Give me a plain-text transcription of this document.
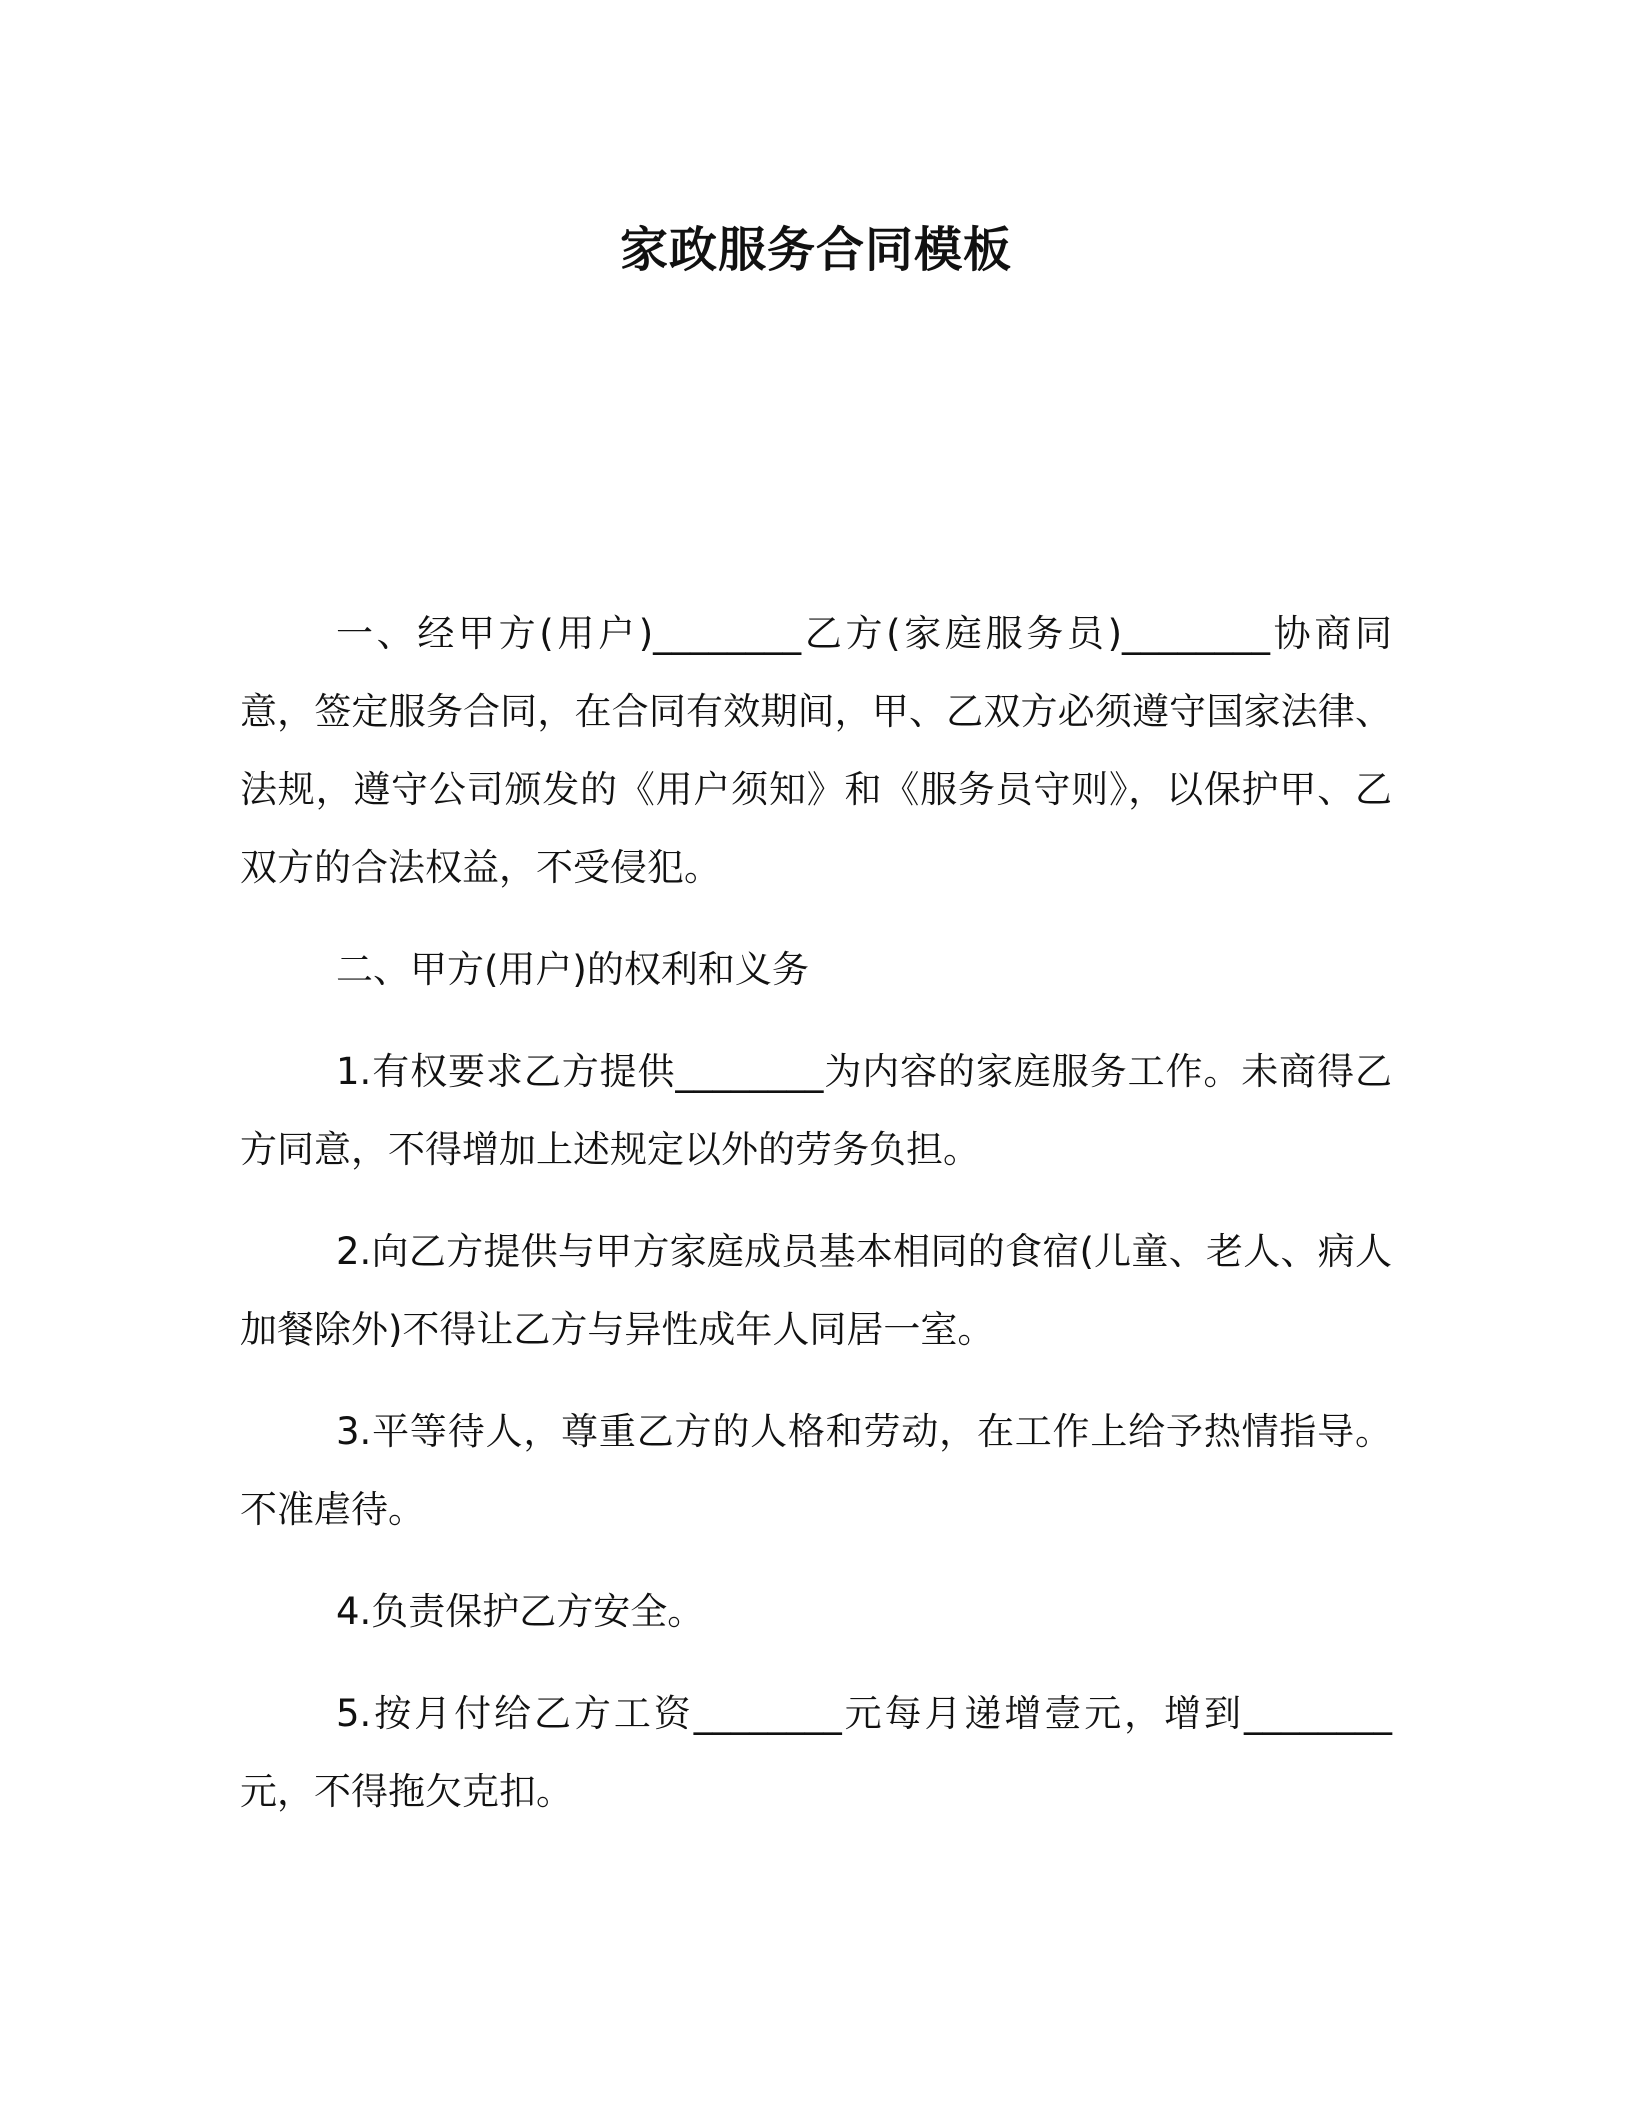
家政服务合同模板

一、经甲方(用户)________乙方(家庭服务员)________协商同意，签定服务合同，在合同有效期间，甲、乙双方必须遵守国家法律、法规，遵守公司颁发的《用户须知》和《服务员守则》，以保护甲、乙双方的合法权益，不受侵犯。

二、甲方(用户)的权利和义务

1.有权要求乙方提供________为内容的家庭服务工作。未商得乙方同意，不得增加上述规定以外的劳务负担。

2.向乙方提供与甲方家庭成员基本相同的食宿(儿童、老人、病人加餐除外)不得让乙方与异性成年人同居一室。

3.平等待人，尊重乙方的人格和劳动，在工作上给予热情指导。不准虐待。

4.负责保护乙方安全。

5.按月付给乙方工资________元每月递增壹元，增到________元，不得拖欠克扣。
